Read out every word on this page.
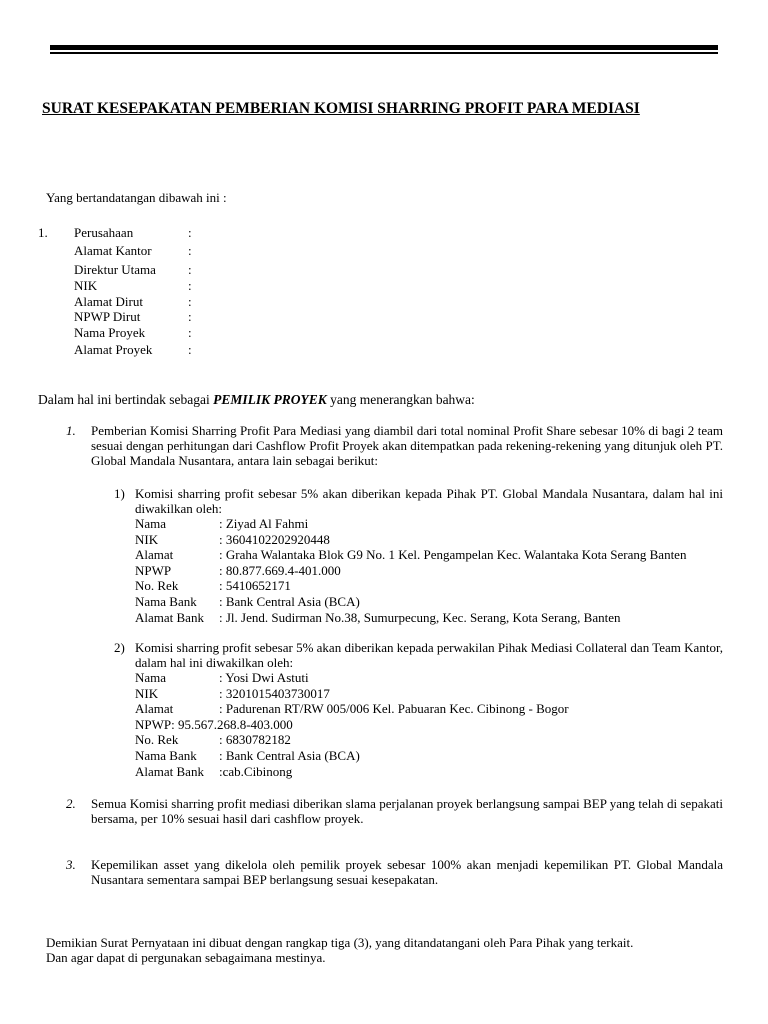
SURAT KESEPAKATAN PEMBERIAN KOMISI SHARRING PROFIT PARA MEDIASI
Yang bertandatangan dibawah ini :
1. Perusahaan	:
Alamat Kantor	:
Direktur Utama	:
NIK	:
Alamat Dirut	:
NPWP Dirut	:
Nama Proyek	:
Alamat Proyek	:
Dalam hal ini bertindak sebagai PEMILIK PROYEK yang menerangkan bahwa:
1. Pemberian Komisi Sharring Profit Para Mediasi yang diambil dari total nominal Profit Share sebesar 10% di bagi 2 team sesuai dengan perhitungan dari Cashflow Profit Proyek akan ditempatkan pada rekening-rekening yang ditunjuk oleh PT. Global Mandala Nusantara, antara lain sebagai berikut:
1) Komisi sharring profit sebesar 5% akan diberikan kepada Pihak PT. Global Mandala Nusantara, dalam hal ini diwakilkan oleh:
Nama	: Ziyad Al Fahmi
NIK	: 3604102202920448
Alamat	: Graha Walantaka Blok G9 No. 1 Kel. Pengampelan Kec. Walantaka Kota Serang Banten
NPWP	: 80.877.669.4-401.000
No. Rek	: 5410652171
Nama Bank	: Bank Central Asia (BCA)
Alamat Bank	: Jl. Jend. Sudirman No.38, Sumurpecung, Kec. Serang, Kota Serang, Banten
2) Komisi sharring profit sebesar 5% akan diberikan kepada perwakilan Pihak Mediasi Collateral dan Team Kantor, dalam hal ini diwakilkan oleh:
Nama	: Yosi Dwi Astuti
NIK	: 3201015403730017
Alamat	: Padurenan RT/RW 005/006 Kel. Pabuaran Kec. Cibinong - Bogor
NPWP: 95.567.268.8-403.000
No. Rek	: 6830782182
Nama Bank	: Bank Central Asia (BCA)
Alamat Bank	:cab.Cibinong
2. Semua Komisi sharring profit mediasi diberikan slama perjalanan proyek berlangsung sampai BEP yang telah di sepakati bersama, per 10% sesuai hasil dari cashflow proyek.
3. Kepemilikan asset yang dikelola oleh pemilik proyek sebesar 100% akan menjadi kepemilikan PT. Global Mandala Nusantara sementara sampai BEP berlangsung sesuai kesepakatan.
Demikian Surat Pernyataan ini dibuat dengan rangkap tiga (3), yang ditandatangani oleh Para Pihak yang terkait.
Dan agar dapat di pergunakan sebagaimana mestinya.
